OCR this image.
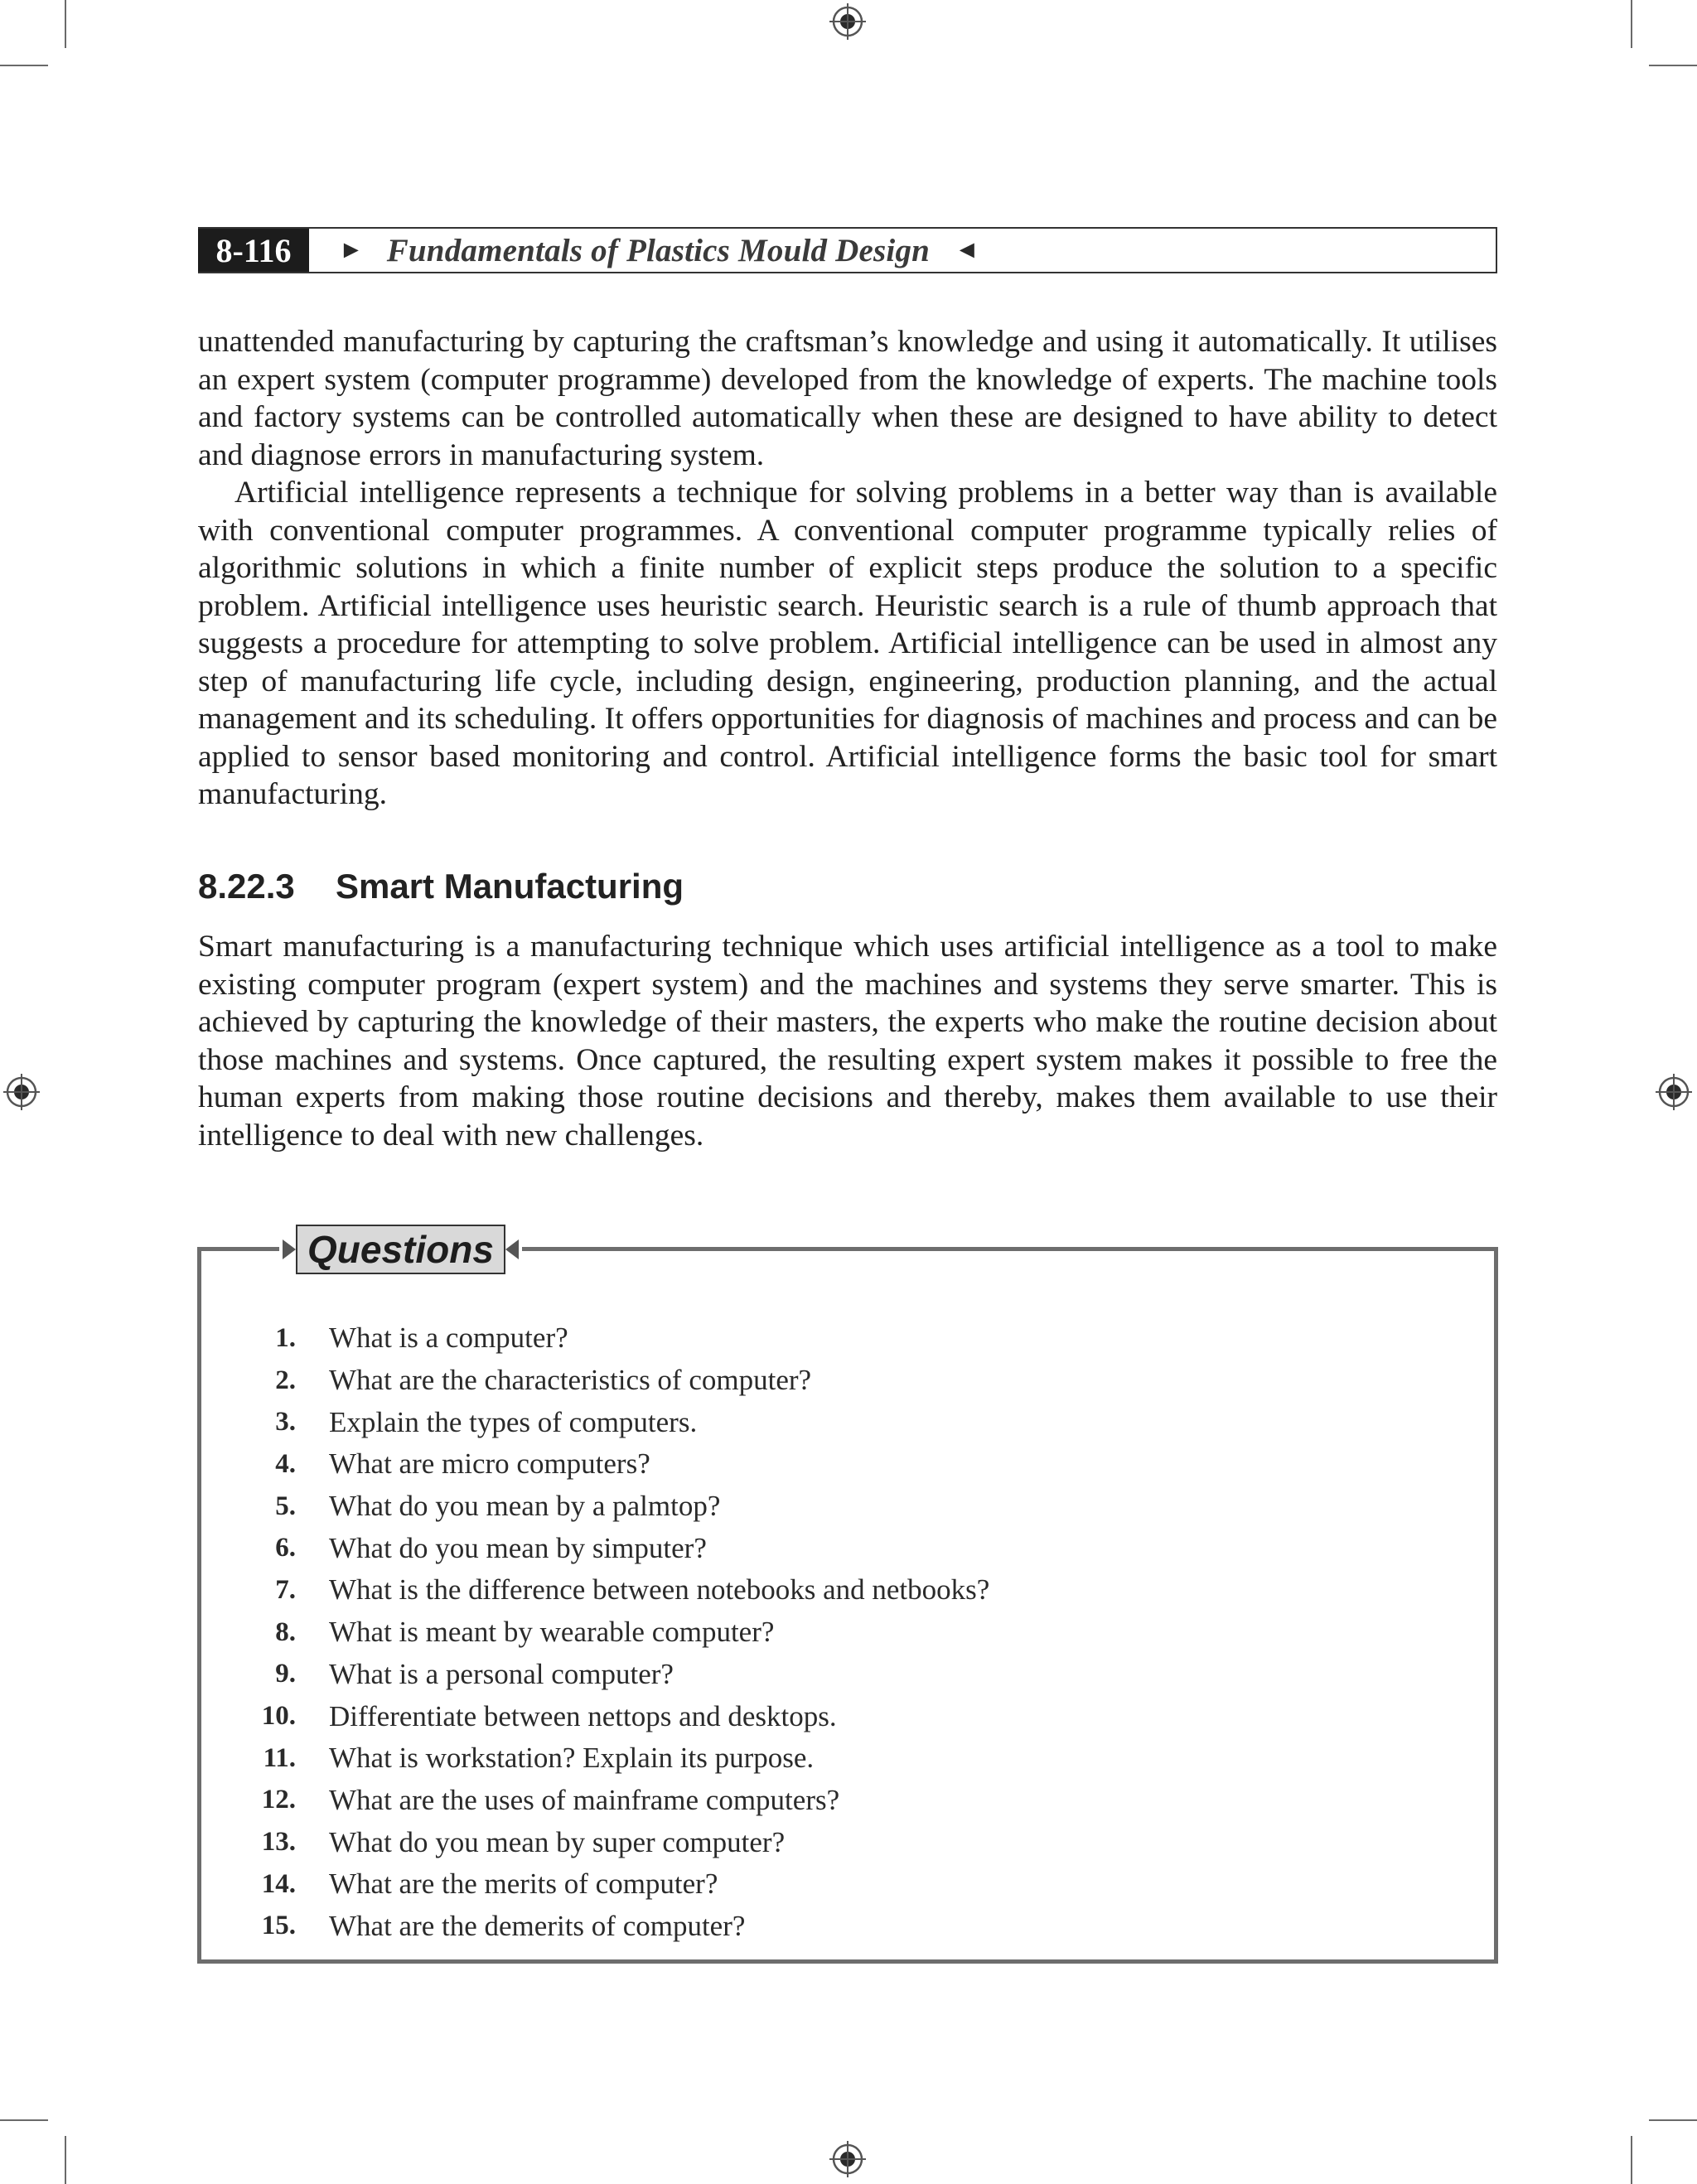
8-116	► Fundamentals of Plastics Mould Design ◄

unattended manufacturing by capturing the craftsman’s knowledge and using it automatically. It utilises an expert system (computer programme) developed from the knowledge of experts. The machine tools and factory systems can be controlled automatically when these are designed to have ability to detect and diagnose errors in manufacturing system.

Artificial intelligence represents a technique for solving problems in a better way than is available with conventional computer programmes. A conventional computer programme typically relies of algorithmic solutions in which a finite number of explicit steps produce the solution to a specific problem. Artificial intelligence uses heuristic search. Heuristic search is a rule of thumb approach that suggests a procedure for attempting to solve problem. Artificial intelligence can be used in almost any step of manufacturing life cycle, including design, engineering, production planning, and the actual management and its scheduling. It offers opportunities for diagnosis of machines and process and can be applied to sensor based monitoring and control. Artificial intelligence forms the basic tool for smart manufacturing.

8.22.3 Smart Manufacturing

Smart manufacturing is a manufacturing technique which uses artificial intelligence as a tool to make existing computer program (expert system) and the machines and systems they serve smarter. This is achieved by capturing the knowledge of their masters, the experts who make the routine decision about those machines and systems. Once captured, the resulting expert system makes it possible to free the human experts from making those routine decisions and thereby, makes them available to use their intelligence to deal with new challenges.

Questions
1.	What is a computer?
2.	What are the characteristics of computer?
3.	Explain the types of computers.
4.	What are micro computers?
5.	What do you mean by a palmtop?
6.	What do you mean by simputer?
7.	What is the difference between notebooks and netbooks?
8.	What is meant by wearable computer?
9.	What is a personal computer?
10.	Differentiate between nettops and desktops.
11.	What is workstation? Explain its purpose.
12.	What are the uses of mainframe computers?
13.	What do you mean by super computer?
14.	What are the merits of computer?
15.	What are the demerits of computer?
